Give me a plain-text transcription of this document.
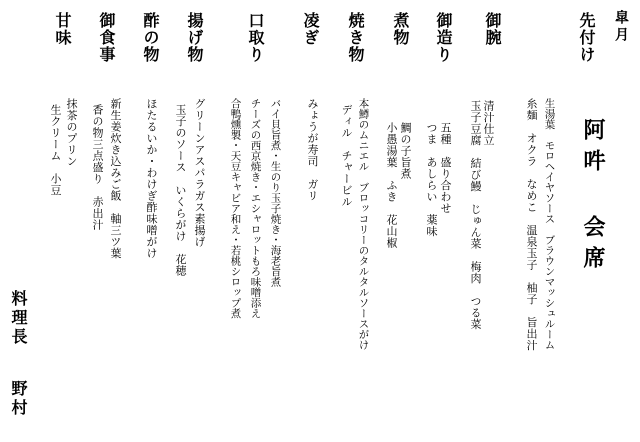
皐月
先付け
御腕
御造り
煮物
焼き物
凌ぎ
口取り
揚げ物
酢の物
御食事
甘味
生湯葉　モロヘイヤソース　ブラウンマッシュルーム
糸麺　オクラ　なめこ　温泉玉子　柚子　旨出汁
清汁仕立
玉子豆腐　結び鰻　じゅん菜　梅肉　つる菜
五種　盛り合わせ
つま　あしらい　薬味
鯛の子旨煮
小愚湯葉　ふき　花山椒
本鱒のムニエル　ブロッコリーのタルタルソースがけ
ディル　チャービル
みょうが寿司　ガリ
バイ貝旨煮・生のり玉子焼き・海老旨煮
チーズの西京焼き・エシャロットもろ味噌添え
合鴨燻製・天豆キャビア和え・若桃シロップ煮
グリーンアスパラガス素揚げ
玉子のソース　いくらがけ　花穂
ほたるいか・わけぎ酢味噌がけ
新生姜炊き込みご飯　軸三ツ葉
香の物三点盛り　赤出汁
抹茶のプリン
生クリーム　小豆	阿吽 会席
料理長
野村
